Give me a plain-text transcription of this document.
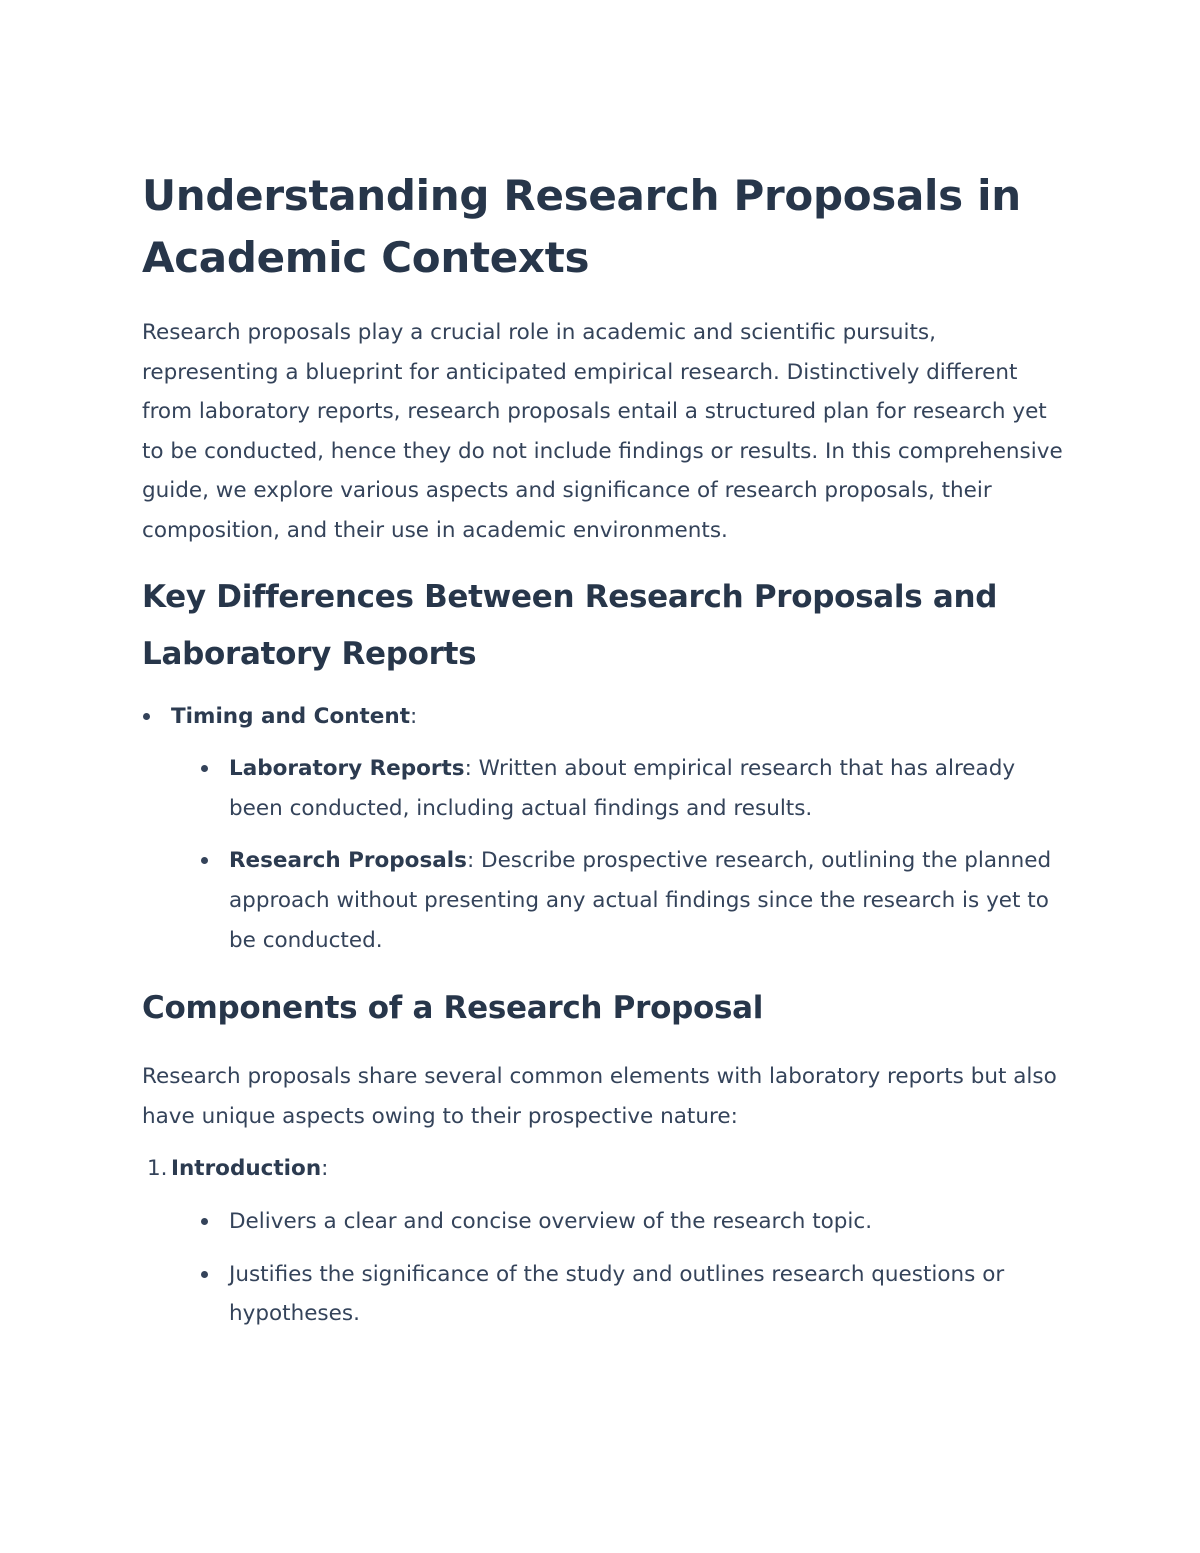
Understanding Research Proposals in Academic Contexts

Research proposals play a crucial role in academic and scientific pursuits, representing a blueprint for anticipated empirical research. Distinctively different from laboratory reports, research proposals entail a structured plan for research yet to be conducted, hence they do not include findings or results. In this comprehensive guide, we explore various aspects and significance of research proposals, their composition, and their use in academic environments.

Key Differences Between Research Proposals and Laboratory Reports
Timing and Content:
Laboratory Reports: Written about empirical research that has already been conducted, including actual findings and results.
Research Proposals: Describe prospective research, outlining the planned approach without presenting any actual findings since the research is yet to be conducted.
Components of a Research Proposal

Research proposals share several common elements with laboratory reports but also have unique aspects owing to their prospective nature:

1. Introduction:
Delivers a clear and concise overview of the research topic.
Justifies the significance of the study and outlines research questions or hypotheses.
